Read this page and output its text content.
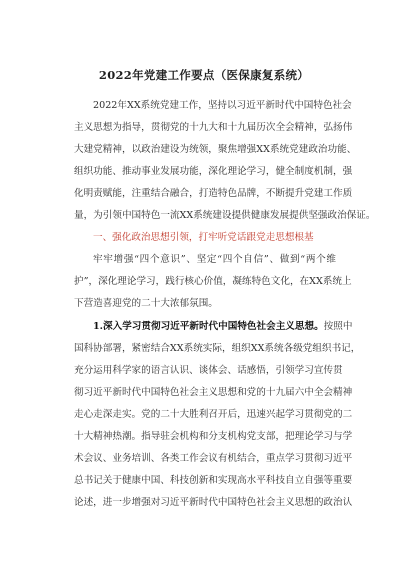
2022年党建工作要点（医保康复系统）
2022年XX系统党建工作，坚持以习近平新时代中国特色社会
主义思想为指导，贯彻党的十九大和十九届历次全会精神，弘扬伟
大建党精神，以政治建设为统领，聚焦增强XX系统党建政治功能、
组织功能、推动事业发展功能，深化理论学习，健全制度机制，强
化明责赋能，注重结合融合，打造特色品牌，不断提升党建工作质
量，为引领中国特色一流XX系统建设提供健康发展提供坚强政治保证。
一、强化政治思想引领，打牢听党话跟党走思想根基
牢牢增强“四个意识”、坚定“四个自信”、做到“两个维
护”，深化理论学习，践行核心价值，凝练特色文化，在XX系统上
下营造喜迎党的二十大浓郁氛围。
1.深入学习贯彻习近平新时代中国特色社会主义思想。按照中
国科协部署，紧密结合XX系统实际，组织XX系统各级党组织书记，
充分运用科学家的语言认识、谈体会、话感悟，引领学习宣传贯
彻习近平新时代中国特色社会主义思想和党的十九届六中全会精神
走心走深走实。党的二十大胜利召开后，迅速兴起学习贯彻党的二
十大精神热潮。指导驻会机构和分支机构党支部，把理论学习与学
术会议、业务培训、各类工作会议有机结合，重点学习贯彻习近平
总书记关于健康中国、科技创新和实现高水平科技自立自强等重要
论述，进一步增强对习近平新时代中国特色社会主义思想的政治认
